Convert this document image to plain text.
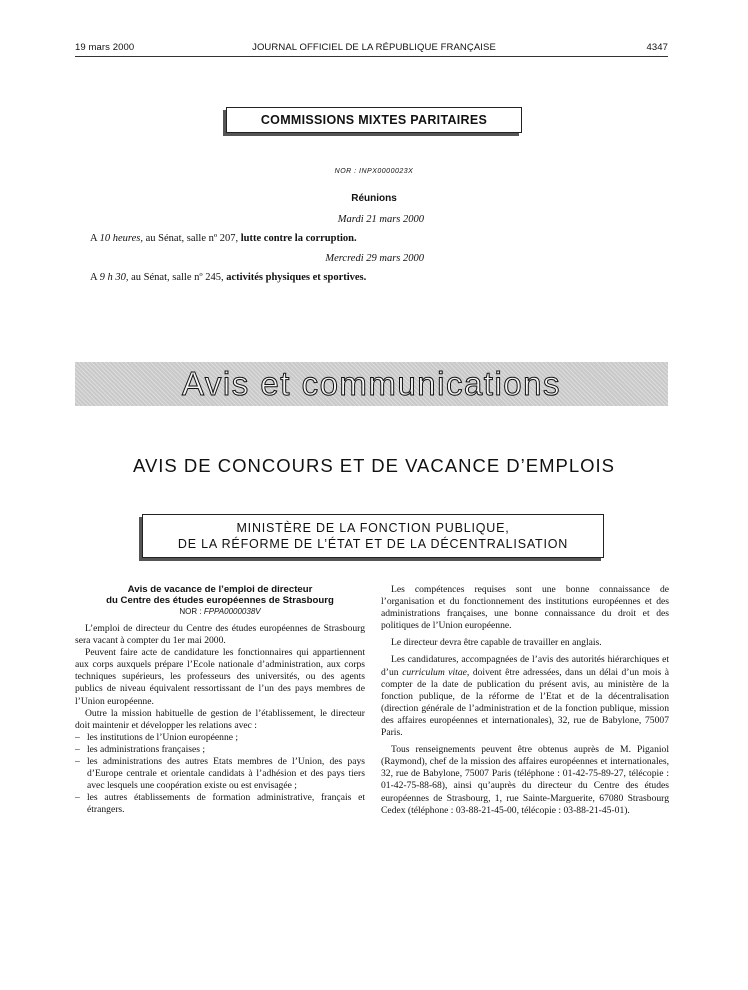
19 mars 2000	JOURNAL OFFICIEL DE LA RÉPUBLIQUE FRANÇAISE	4347
COMMISSIONS MIXTES PARITAIRES
NOR : INPX0000023X
Réunions
Mardi 21 mars 2000
A 10 heures, au Sénat, salle nº 207, lutte contre la corruption.
Mercredi 29 mars 2000
A 9 h 30, au Sénat, salle nº 245, activités physiques et sportives.
Avis et communications
AVIS DE CONCOURS ET DE VACANCE D’EMPLOIS
MINISTÈRE DE LA FONCTION PUBLIQUE,
DE LA RÉFORME DE L’ÉTAT ET DE LA DÉCENTRALISATION
Avis de vacance de l’emploi de directeur
du Centre des études européennes de Strasbourg
NOR : FPPA0000038V

L’emploi de directeur du Centre des études européennes de Strasbourg sera vacant à compter du 1er mai 2000.

Peuvent faire acte de candidature les fonctionnaires qui appartiennent aux corps auxquels prépare l’Ecole nationale d’administration, aux corps techniques supérieurs, les professeurs des universités, ou des agents publics de niveau équivalent ressortissant de l’un des pays membres de l’Union européenne.

Outre la mission habituelle de gestion de l’établissement, le directeur doit maintenir et développer les relations avec :

– les institutions de l’Union européenne ;
– les administrations françaises ;
– les administrations des autres Etats membres de l’Union, des pays d’Europe centrale et orientale candidats à l’adhésion et des pays tiers avec lesquels une coopération existe ou est envisagée ;
– les autres établissements de formation administrative, français et étrangers.

Les compétences requises sont une bonne connaissance de l’organisation et du fonctionnement des institutions européennes et des administrations françaises, une bonne connaissance du droit et des politiques de l’Union européenne.

Le directeur devra être capable de travailler en anglais.

Les candidatures, accompagnées de l’avis des autorités hiérarchiques et d’un curriculum vitae, doivent être adressées, dans un délai d’un mois à compter de la date de publication du présent avis, au ministère de la fonction publique, de la réforme de l’Etat et de la décentralisation (direction générale de l’administration et de la fonction publique, mission des affaires européennes et internationales), 32, rue de Babylone, 75007 Paris.

Tous renseignements peuvent être obtenus auprès de M. Piganiol (Raymond), chef de la mission des affaires européennes et internationales, 32, rue de Babylone, 75007 Paris (téléphone : 01-42-75-89-27, télécopie : 01-42-75-88-68), ainsi qu’auprès du directeur du Centre des études européennes de Strasbourg, 1, rue Sainte-Marguerite, 67080 Strasbourg Cedex (téléphone : 03-88-21-45-00, télécopie : 03-88-21-45-01).
